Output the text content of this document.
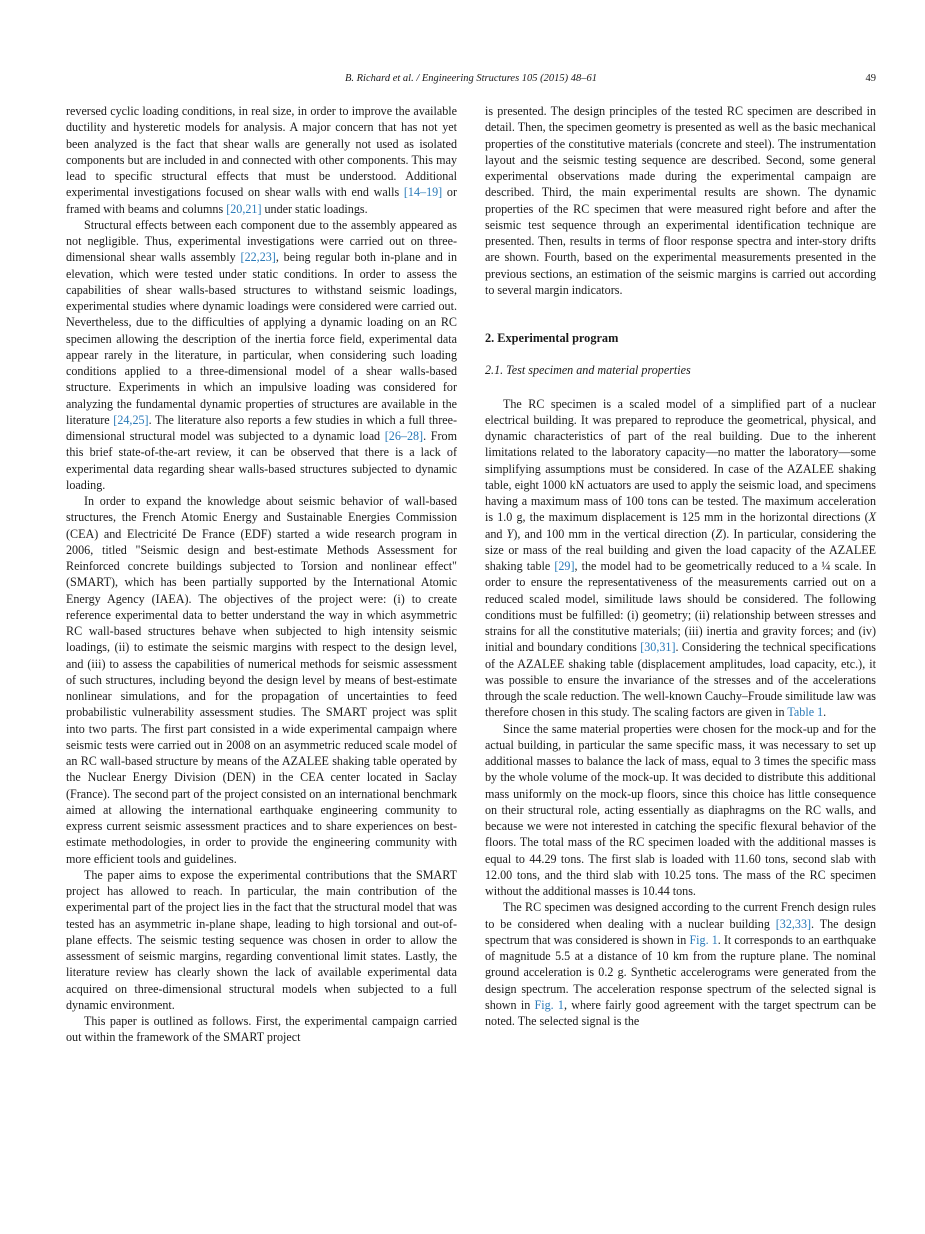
B. Richard et al. / Engineering Structures 105 (2015) 48–61	49

reversed cyclic loading conditions, in real size, in order to improve the available ductility and hysteretic models for analysis. A major concern that has not yet been analyzed is the fact that shear walls are generally not used as isolated components but are included in and connected with other components. This may lead to specific structural effects that must be understood. Additional experimental investigations focused on shear walls with end walls [14–19] or framed with beams and columns [20,21] under static loadings.

Structural effects between each component due to the assembly appeared as not negligible. Thus, experimental investigations were carried out on three-dimensional shear walls assembly [22,23], being regular both in-plane and in elevation, which were tested under static conditions. In order to assess the capabilities of shear walls-based structures to withstand seismic loadings, experimental studies where dynamic loadings were considered were carried out. Nevertheless, due to the difficulties of applying a dynamic loading on an RC specimen allowing the description of the inertia force field, experimental data appear rarely in the literature, in particular, when considering such loading conditions applied to a three-dimensional model of a shear walls-based structure. Experiments in which an impulsive loading was considered for analyzing the fundamental dynamic properties of structures are available in the literature [24,25]. The literature also reports a few studies in which a full three-dimensional structural model was subjected to a dynamic load [26–28]. From this brief state-of-the-art review, it can be observed that there is a lack of experimental data regarding shear walls-based structures subjected to dynamic loading.

In order to expand the knowledge about seismic behavior of wall-based structures, the French Atomic Energy and Sustainable Energies Commission (CEA) and Electricité De France (EDF) started a wide research program in 2006, titled "Seismic design and best-estimate Methods Assessment for Reinforced concrete buildings subjected to Torsion and nonlinear effect" (SMART), which has been partially supported by the International Atomic Energy Agency (IAEA). The objectives of the project were: (i) to create reference experimental data to better understand the way in which asymmetric RC wall-based structures behave when subjected to high intensity seismic loadings, (ii) to estimate the seismic margins with respect to the design level, and (iii) to assess the capabilities of numerical methods for seismic assessment of such structures, including beyond the design level by means of best-estimate nonlinear simulations, and for the propagation of uncertainties to feed probabilistic vulnerability assessment studies. The SMART project was split into two parts. The first part consisted in a wide experimental campaign where seismic tests were carried out in 2008 on an asymmetric reduced scale model of an RC wall-based structure by means of the AZALEE shaking table operated by the Nuclear Energy Division (DEN) in the CEA center located in Saclay (France). The second part of the project consisted on an international benchmark aimed at allowing the international earthquake engineering community to express current seismic assessment practices and to share experiences on best-estimate methodologies, in order to provide the engineering community with more efficient tools and guidelines.

The paper aims to expose the experimental contributions that the SMART project has allowed to reach. In particular, the main contribution of the experimental part of the project lies in the fact that the structural model that was tested has an asymmetric in-plane shape, leading to high torsional and out-of-plane effects. The seismic testing sequence was chosen in order to allow the assessment of seismic margins, regarding conventional limit states. Lastly, the literature review has clearly shown the lack of available experimental data acquired on three-dimensional structural models when subjected to a full dynamic environment.

This paper is outlined as follows. First, the experimental campaign carried out within the framework of the SMART project

is presented. The design principles of the tested RC specimen are described in detail. Then, the specimen geometry is presented as well as the basic mechanical properties of the constitutive materials (concrete and steel). The instrumentation layout and the seismic testing sequence are described. Second, some general experimental observations made during the experimental campaign are described. Third, the main experimental results are shown. The dynamic properties of the RC specimen that were measured right before and after the seismic test sequence through an experimental identification technique are presented. Then, results in terms of floor response spectra and inter-story drifts are shown. Fourth, based on the experimental measurements presented in the previous sections, an estimation of the seismic margins is carried out according to several margin indicators.

2. Experimental program
2.1. Test specimen and material properties

The RC specimen is a scaled model of a simplified part of a nuclear electrical building. It was prepared to reproduce the geometrical, physical, and dynamic characteristics of part of the real building. Due to the inherent limitations related to the laboratory capacity—no matter the laboratory—some simplifying assumptions must be considered. In case of the AZALEE shaking table, eight 1000 kN actuators are used to apply the seismic load, and specimens having a maximum mass of 100 tons can be tested. The maximum acceleration is 1.0 g, the maximum displacement is 125 mm in the horizontal directions (X and Y), and 100 mm in the vertical direction (Z). In particular, considering the size or mass of the real building and given the load capacity of the AZALEE shaking table [29], the model had to be geometrically reduced to a ¼ scale. In order to ensure the representativeness of the measurements carried out on a reduced scaled model, similitude laws should be considered. The following conditions must be fulfilled: (i) geometry; (ii) relationship between stresses and strains for all the constitutive materials; (iii) inertia and gravity forces; and (iv) initial and boundary conditions [30,31]. Considering the technical specifications of the AZALEE shaking table (displacement amplitudes, load capacity, etc.), it was possible to ensure the invariance of the stresses and of the accelerations through the scale reduction. The well-known Cauchy–Froude similitude law was therefore chosen in this study. The scaling factors are given in Table 1.

Since the same material properties were chosen for the mock-up and for the actual building, in particular the same specific mass, it was necessary to set up additional masses to balance the lack of mass, equal to 3 times the specific mass by the whole volume of the mock-up. It was decided to distribute this additional mass uniformly on the mock-up floors, since this choice has little consequence on their structural role, acting essentially as diaphragms on the RC walls, and because we were not interested in catching the specific flexural behavior of the floors. The total mass of the RC specimen loaded with the additional masses is equal to 44.29 tons. The first slab is loaded with 11.60 tons, second slab with 12.00 tons, and the third slab with 10.25 tons. The mass of the RC specimen without the additional masses is 10.44 tons.

The RC specimen was designed according to the current French design rules to be considered when dealing with a nuclear building [32,33]. The design spectrum that was considered is shown in Fig. 1. It corresponds to an earthquake of magnitude 5.5 at a distance of 10 km from the rupture plane. The nominal ground acceleration is 0.2 g. Synthetic accelerograms were generated from the design spectrum. The acceleration response spectrum of the selected signal is shown in Fig. 1, where fairly good agreement with the target spectrum can be noted. The selected signal is the
